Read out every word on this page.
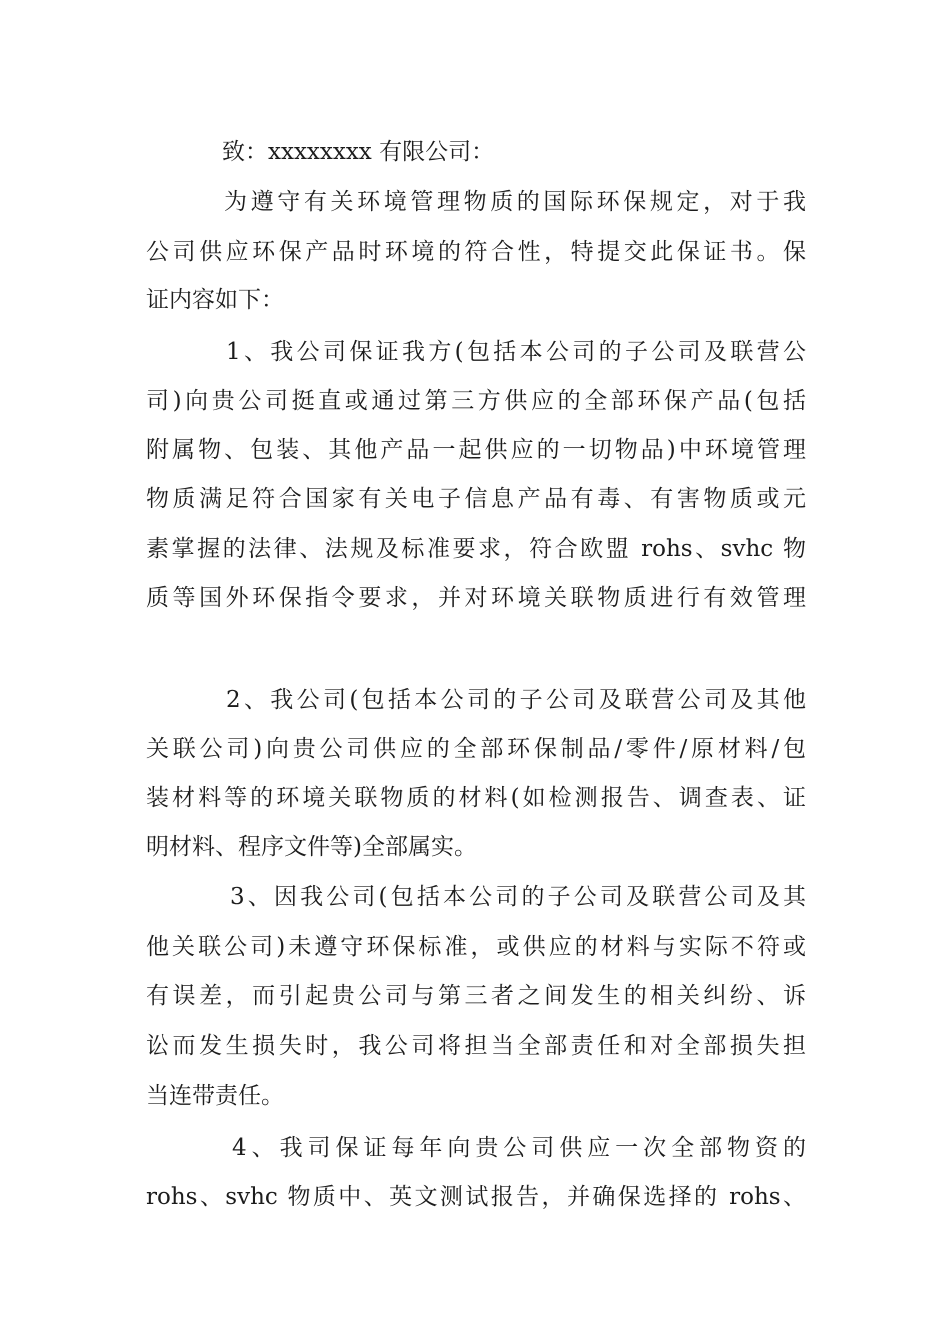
致：xxxxxxxx 有限公司：
为遵守有关环境管理物质的国际环保规定，对于我
公司供应环保产品时环境的符合性，特提交此保证书。保
证内容如下：
1、我公司保证我方(包括本公司的子公司及联营公
司)向贵公司挺直或通过第三方供应的全部环保产品(包括
附属物、包装、其他产品一起供应的一切物品)中环境管理
物质满足符合国家有关电子信息产品有毒、有害物质或元
素掌握的法律、法规及标准要求，符合欧盟 rohs、svhc 物
质等国外环保指令要求，并对环境关联物质进行有效管理
2、我公司(包括本公司的子公司及联营公司及其他
关联公司)向贵公司供应的全部环保制品/零件/原材料/包
装材料等的环境关联物质的材料(如检测报告、调查表、证
明材料、程序文件等)全部属实。
3、因我公司(包括本公司的子公司及联营公司及其
他关联公司)未遵守环保标准，或供应的材料与实际不符或
有误差，而引起贵公司与第三者之间发生的相关纠纷、诉
讼而发生损失时，我公司将担当全部责任和对全部损失担
当连带责任。
4、我司保证每年向贵公司供应一次全部物资的
rohs、svhc 物质中、英文测试报告，并确保选择的 rohs、
